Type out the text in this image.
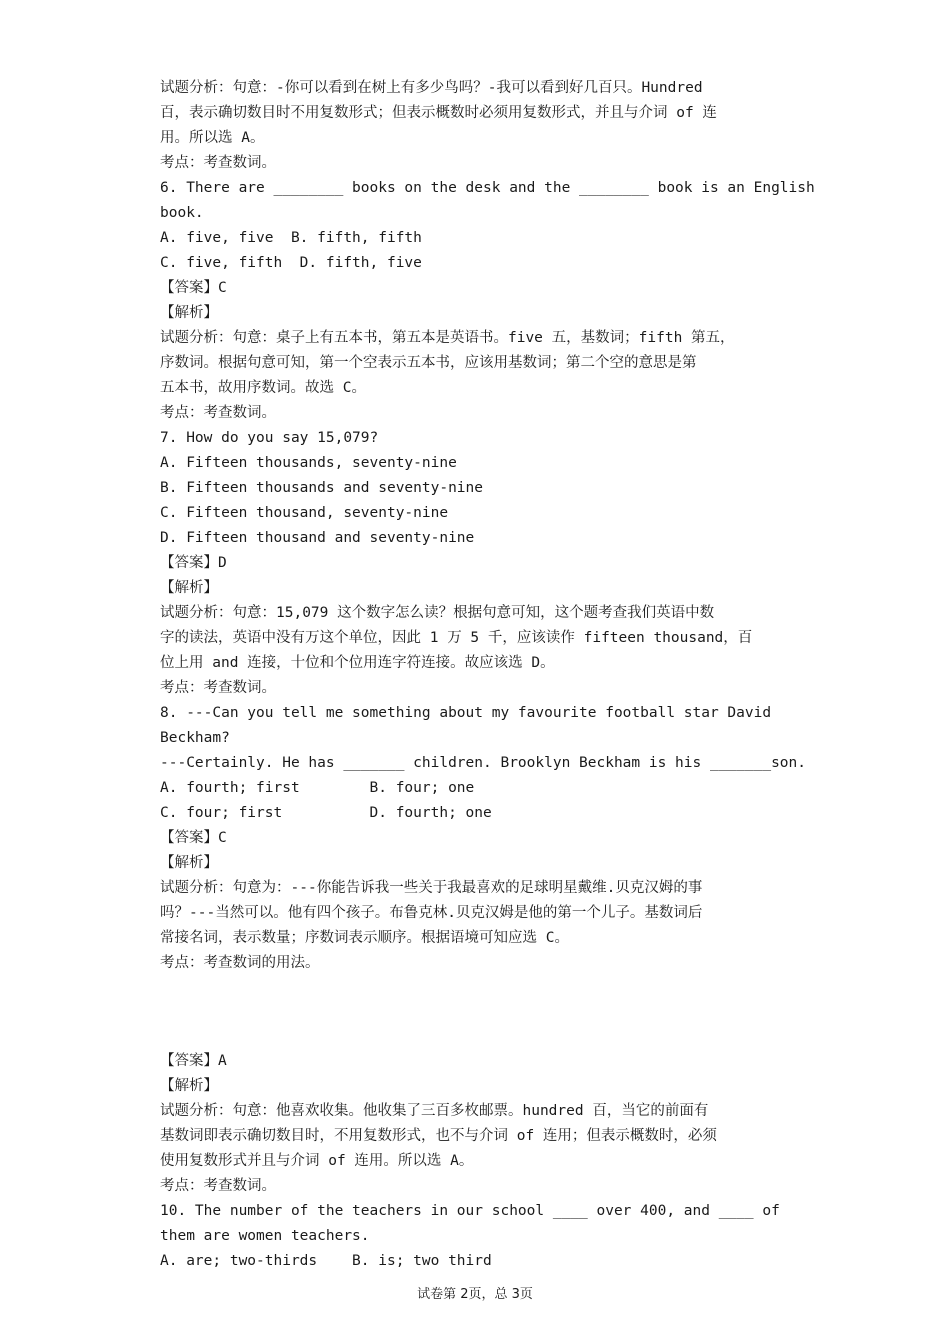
试题分析：句意：-你可以看到在树上有多少鸟吗？-我可以看到好几百只。Hundred
百，表示确切数目时不用复数形式；但表示概数时必须用复数形式，并且与介词 of 连
用。所以选 A。
考点：考查数词。
6. There are ________ books on the desk and the ________ book is an English
book.
A. five, five  B. fifth, fifth
C. five, fifth  D. fifth, five
【答案】C
【解析】
试题分析：句意：桌子上有五本书，第五本是英语书。five 五，基数词；fifth 第五，
序数词。根据句意可知，第一个空表示五本书，应该用基数词；第二个空的意思是第
五本书，故用序数词。故选 C。
考点：考查数词。
7. How do you say 15,079?
A. Fifteen thousands, seventy-nine
B. Fifteen thousands and seventy-nine
C. Fifteen thousand, seventy-nine
D. Fifteen thousand and seventy-nine
【答案】D
【解析】
试题分析：句意：15,079 这个数字怎么读？根据句意可知，这个题考查我们英语中数
字的读法，英语中没有万这个单位，因此 1 万 5 千，应该读作 fifteen thousand，百
位上用 and 连接，十位和个位用连字符连接。故应该选 D。
考点：考查数词。
8. ---Can you tell me something about my favourite football star David
Beckham?
---Certainly. He has _______ children. Brooklyn Beckham is his _______son.
A. fourth; first        B. four; one
C. four; first          D. fourth; one
【答案】C
【解析】
试题分析：句意为：---你能告诉我一些关于我最喜欢的足球明星戴维.贝克汉姆的事
吗？---当然可以。他有四个孩子。布鲁克林.贝克汉姆是他的第一个儿子。基数词后
常接名词，表示数量；序数词表示顺序。根据语境可知应选 C。
考点：考查数词的用法。
【答案】A
【解析】
试题分析：句意：他喜欢收集。他收集了三百多枚邮票。hundred 百，当它的前面有
基数词即表示确切数目时，不用复数形式，也不与介词 of 连用；但表示概数时，必须
使用复数形式并且与介词 of 连用。所以选 A。
考点：考查数词。
10. The number of the teachers in our school ____ over 400, and ____ of
them are women teachers.
A. are; two-thirds    B. is; two third
试卷第 2页，总 3页
